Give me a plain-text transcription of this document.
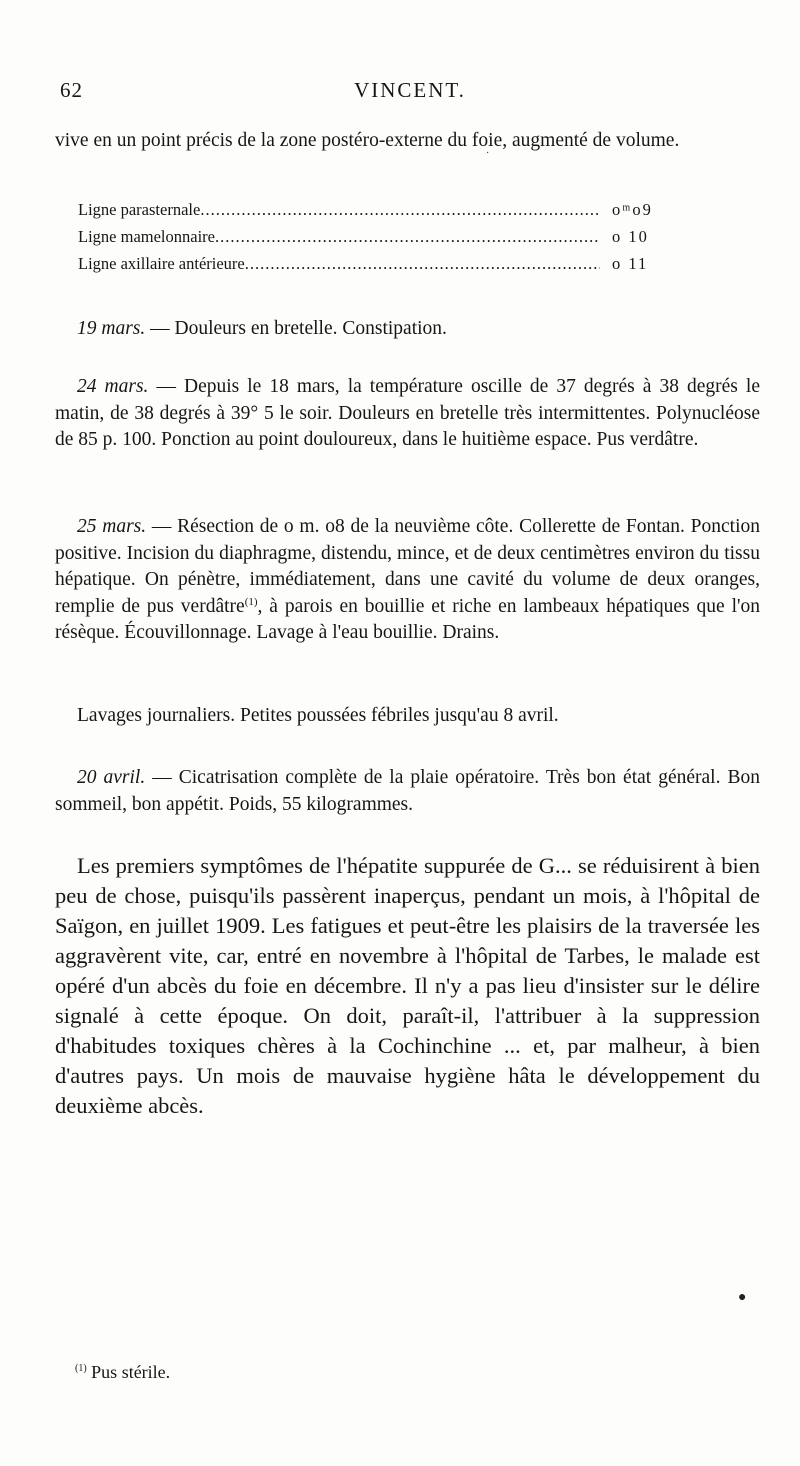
62	VINCENT.
vive en un point précis de la zone postéro-externe du foie, augmenté de volume.
Ligne parasternale .....	oᵐo9
Ligne mamelonnaire .....	o 10
Ligne axillaire antérieure .....	o 11
19 mars. — Douleurs en bretelle. Constipation.
24 mars. — Depuis le 18 mars, la température oscille de 37 degrés à 38 degrés le matin, de 38 degrés à 39° 5 le soir. Douleurs en bretelle très intermittentes. Polynucléose de 85 p. 100. Ponction au point douloureux, dans le huitième espace. Pus verdâtre.
25 mars. — Résection de o m. o8 de la neuvième côte. Collerette de Fontan. Ponction positive. Incision du diaphragme, distendu, mince, et de deux centimètres environ du tissu hépatique. On pénètre, immédiatement, dans une cavité du volume de deux oranges, remplie de pus verdâtre$^{(1)}$, à parois en bouillie et riche en lambeaux hépatiques que l'on résèque. Écouvillonnage. Lavage à l'eau bouillie. Drains.
Lavages journaliers. Petites poussées fébriles jusqu'au 8 avril.
20 avril. — Cicatrisation complète de la plaie opératoire. Très bon état général. Bon sommeil, bon appétit. Poids, 55 kilogrammes.
Les premiers symptômes de l'hépatite suppurée de G... se réduisirent à bien peu de chose, puisqu'ils passèrent inaperçus, pendant un mois, à l'hôpital de Saïgon, en juillet 1909. Les fatigues et peut-être les plaisirs de la traversée les aggravèrent vite, car, entré en novembre à l'hôpital de Tarbes, le malade est opéré d'un abcès du foie en décembre. Il n'y a pas lieu d'insister sur le délire signalé à cette époque. On doit, paraît-il, l'attribuer à la suppression d'habitudes toxiques chères à la Cochinchine ... et, par malheur, à bien d'autres pays. Un mois de mauvaise hygiène hâta le développement du deuxième abcès.
$^{(1)}$ Pus stérile.
·
●
